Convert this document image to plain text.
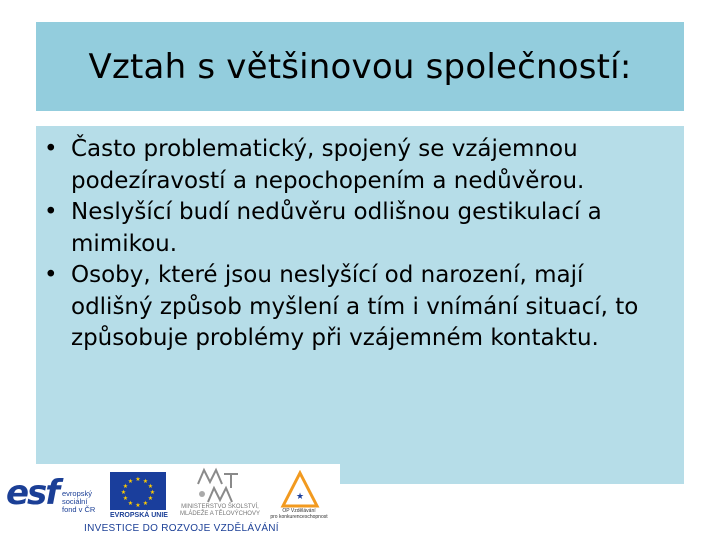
Vztah s většinovou společností:
• Často problematický, spojený se vzájemnou podezíravostí a nepochopením a nedůvěrou.
• Neslyšící budí nedůvěru odlišnou gestikulací a mimikou.
• Osoby, které jsou neslyšící od narození, mají odlišný způsob myšlení a tím i vnímání situací, to způsobuje problémy při vzájemném kontaktu.
esf evropský
sociální
fond v ČR
★ ★
★
★
★
★
★
★
★
★
★
★
EVROPSKÁ UNIE
MINISTERSTVO ŠKOLSTVÍ,
MLÁDEŽE A TĚLOVÝCHOVY
★
OP Vzdělávání
pro konkurenceschopnost
INVESTICE DO ROZVOJE VZDĚLÁVÁNÍ
